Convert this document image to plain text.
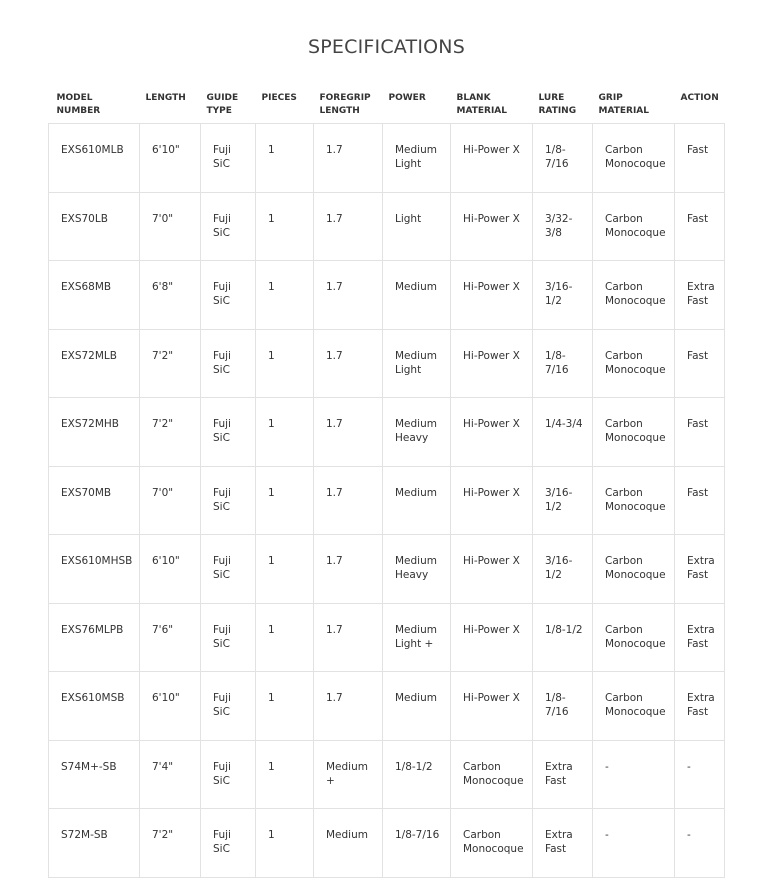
SPECIFICATIONS
MODEL NUMBER	LENGTH	GUIDE TYPE	PIECES	FOREGRIP LENGTH	POWER	BLANK MATERIAL	LURE RATING	GRIP MATERIAL	ACTION
EXS610MLB	6'10"	Fuji SiC	1	1.7	Medium Light	Hi-Power X	1/8-7/16	Carbon Monocoque	Fast
EXS70LB	7'0"	Fuji SiC	1	1.7	Light	Hi-Power X	3/32-3/8	Carbon Monocoque	Fast
EXS68MB	6'8"	Fuji SiC	1	1.7	Medium	Hi-Power X	3/16-1/2	Carbon Monocoque	Extra Fast
EXS72MLB	7'2"	Fuji SiC	1	1.7	Medium Light	Hi-Power X	1/8-7/16	Carbon Monocoque	Fast
EXS72MHB	7'2"	Fuji SiC	1	1.7	Medium Heavy	Hi-Power X	1/4-3/4	Carbon Monocoque	Fast
EXS70MB	7'0"	Fuji SiC	1	1.7	Medium	Hi-Power X	3/16-1/2	Carbon Monocoque	Fast
EXS610MHSB	6'10"	Fuji SiC	1	1.7	Medium Heavy	Hi-Power X	3/16-1/2	Carbon Monocoque	Extra Fast
EXS76MLPB	7'6"	Fuji SiC	1	1.7	Medium Light +	Hi-Power X	1/8-1/2	Carbon Monocoque	Extra Fast
EXS610MSB	6'10"	Fuji SiC	1	1.7	Medium	Hi-Power X	1/8-7/16	Carbon Monocoque	Extra Fast
S74M+-SB	7'4"	Fuji SiC	1	Medium +	1/8-1/2	Carbon Monocoque	Extra Fast	-	-
S72M-SB	7'2"	Fuji SiC	1	Medium	1/8-7/16	Carbon Monocoque	Extra Fast	-	-
